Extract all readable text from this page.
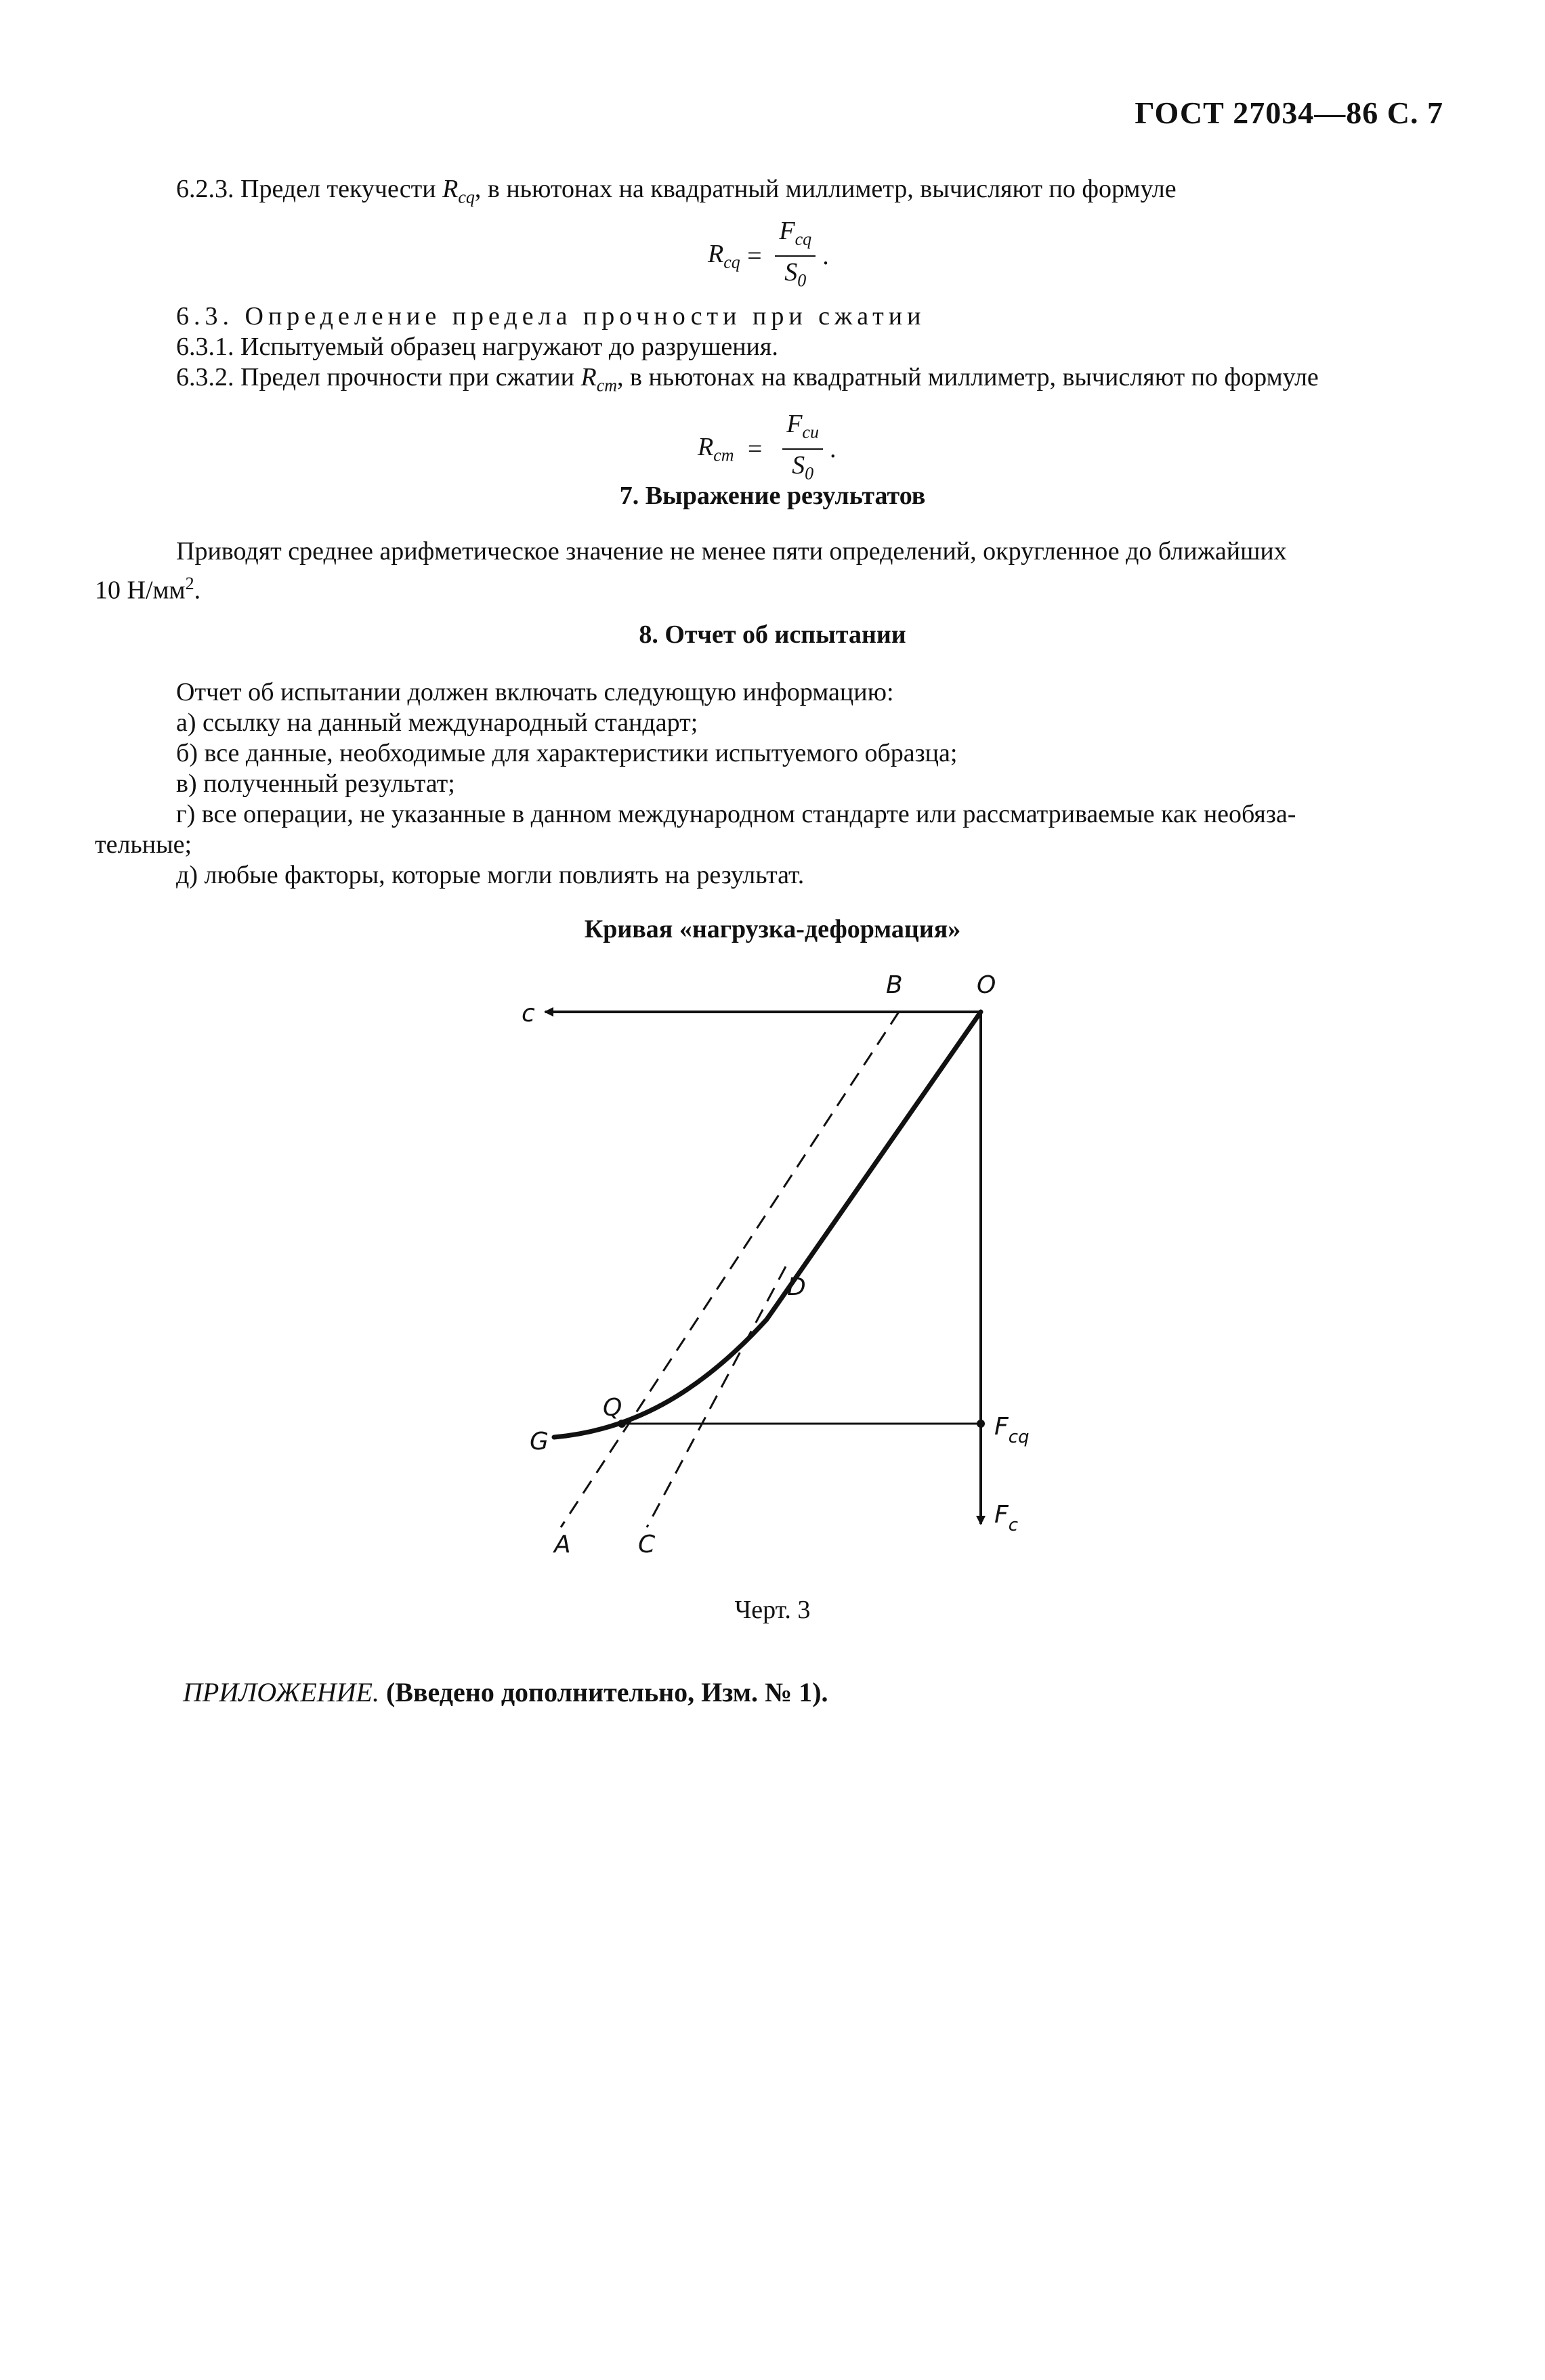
ГОСТ 27034—86 С. 7
6.2.3. Предел текучести $R_{cq}$, в ньютонах на квадратный миллиметр, вычисляют по формуле
$R_{cq} = \frac{F_{cq}}{S_0}$ .
6.3. Определение предела прочности при сжатии
6.3.1. Испытуемый образец нагружают до разрушения.
6.3.2. Предел прочности при сжатии $R_{cm}$, в ньютонах на квадратный миллиметр, вычисляют по формуле
$R_{cm} = \frac{F_{cu}}{S_0}$ .
7. Выражение результатов
Приводят среднее арифметическое значение не менее пяти определений, округленное до ближайших
10 $Н/мм^2$.
8. Отчет об испытании
Отчет об испытании должен включать следующую информацию:
а) ссылку на данный международный стандарт;
б) все данные, необходимые для характеристики испытуемого образца;
в) полученный результат;
г) все операции, не указанные в данном международном стандарте или рассматриваемые как необяза-
тельные;
д) любые факторы, которые могли повлиять на результат.
Кривая «нагрузка-деформация»
c
B	O
D
Q
G
$F_{cq}$
$F_c$
A	C
Черт. 3
ПРИЛОЖЕНИЕ. (Введено дополнительно, Изм. № 1).
